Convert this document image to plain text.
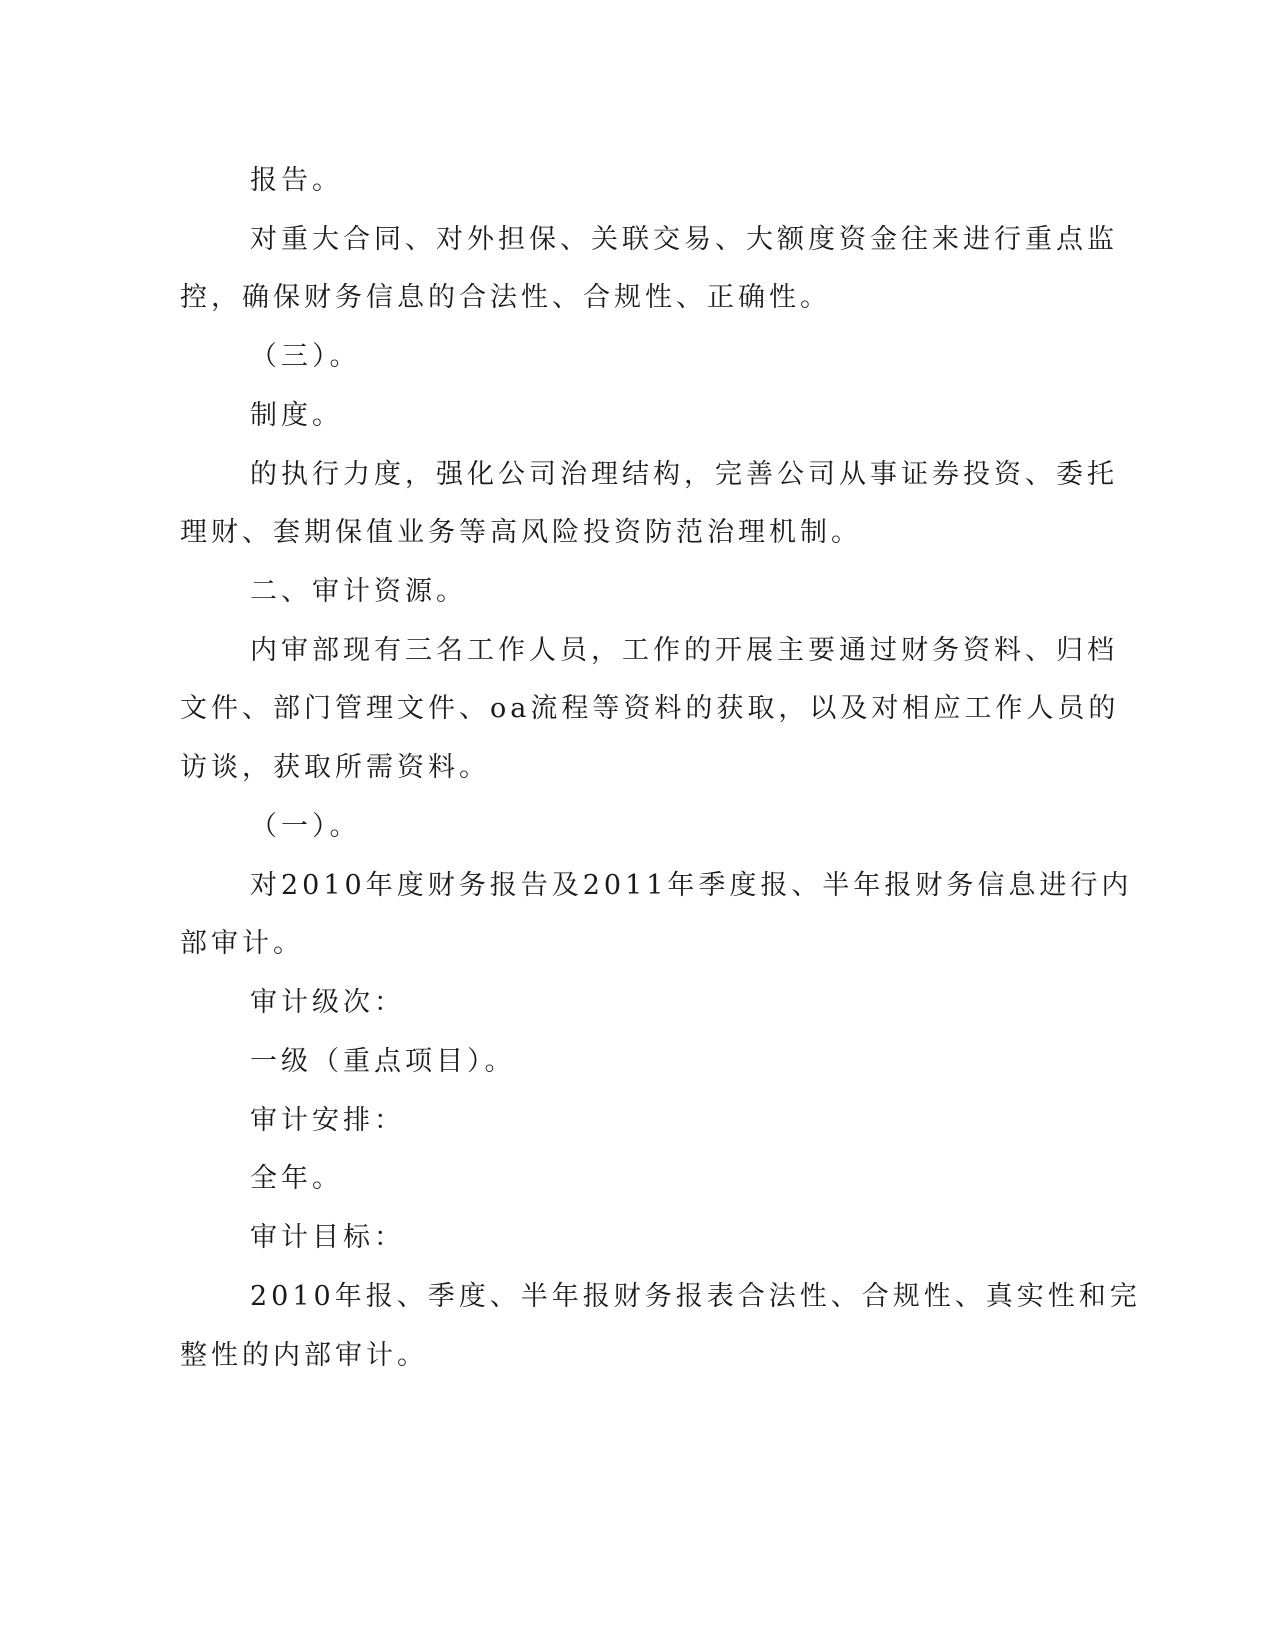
报告。
对重大合同、对外担保、关联交易、大额度资金往来进行重点监
控，确保财务信息的合法性、合规性、正确性。
（三）。
制度。
的执行力度，强化公司治理结构，完善公司从事证券投资、委托
理财、套期保值业务等高风险投资防范治理机制。
二、审计资源。
内审部现有三名工作人员，工作的开展主要通过财务资料、归档
文件、部门管理文件、oa流程等资料的获取，以及对相应工作人员的
访谈，获取所需资料。
（一）。
对2010年度财务报告及2011年季度报、半年报财务信息进行内
部审计。
审计级次：
一级（重点项目）。
审计安排：
全年。
审计目标：
2010年报、季度、半年报财务报表合法性、合规性、真实性和完
整性的内部审计。
